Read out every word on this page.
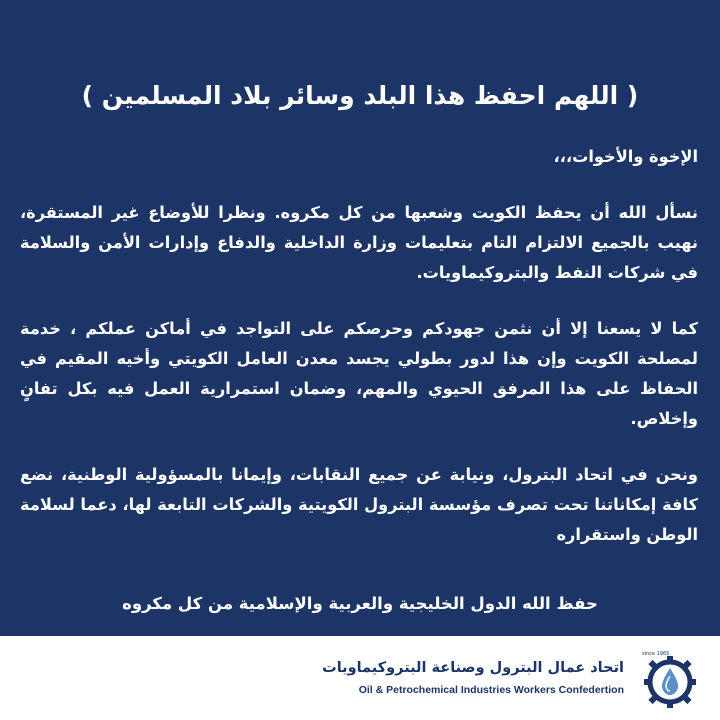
( اللهم احفظ هذا البلد وسائر بلاد المسلمين )
الإخوة والأخوات،،،
نسأل الله أن يحفظ الكويت وشعبها من كل مكروه. ونظرا للأوضاع غير المستقرة، نهيب بالجميع الالتزام التام بتعليمات وزارة الداخلية والدفاع وإدارات الأمن والسلامة في شركات النفط والبتروكيماويات.
كما لا يسعنا إلا أن نثمن جهودكم وحرصكم على التواجد في أماكن عملكم ، خدمة لمصلحة الكويت وإن هذا لدور بطولي يجسد معدن العامل الكويتي وأخيه المقيم في الحفاظ على هذا المرفق الحيوي والمهم، وضمان استمرارية العمل فيه بكل تفانٍ وإخلاص.
ونحن في اتحاد البترول، ونيابة عن جميع النقابات، وإيمانا بالمسؤولية الوطنية، نضع كافة إمكاناتنا تحت تصرف مؤسسة البترول الكويتية والشركات التابعة لها، دعما لسلامة الوطن واستقراره
حفظ الله الدول الخليجية والعربية والإسلامية من كل مكروه
اتحاد عمال البترول وصناعة البتروكيماويات
Oil & Petrochemical Industries Workers Confedertion
since 1965
